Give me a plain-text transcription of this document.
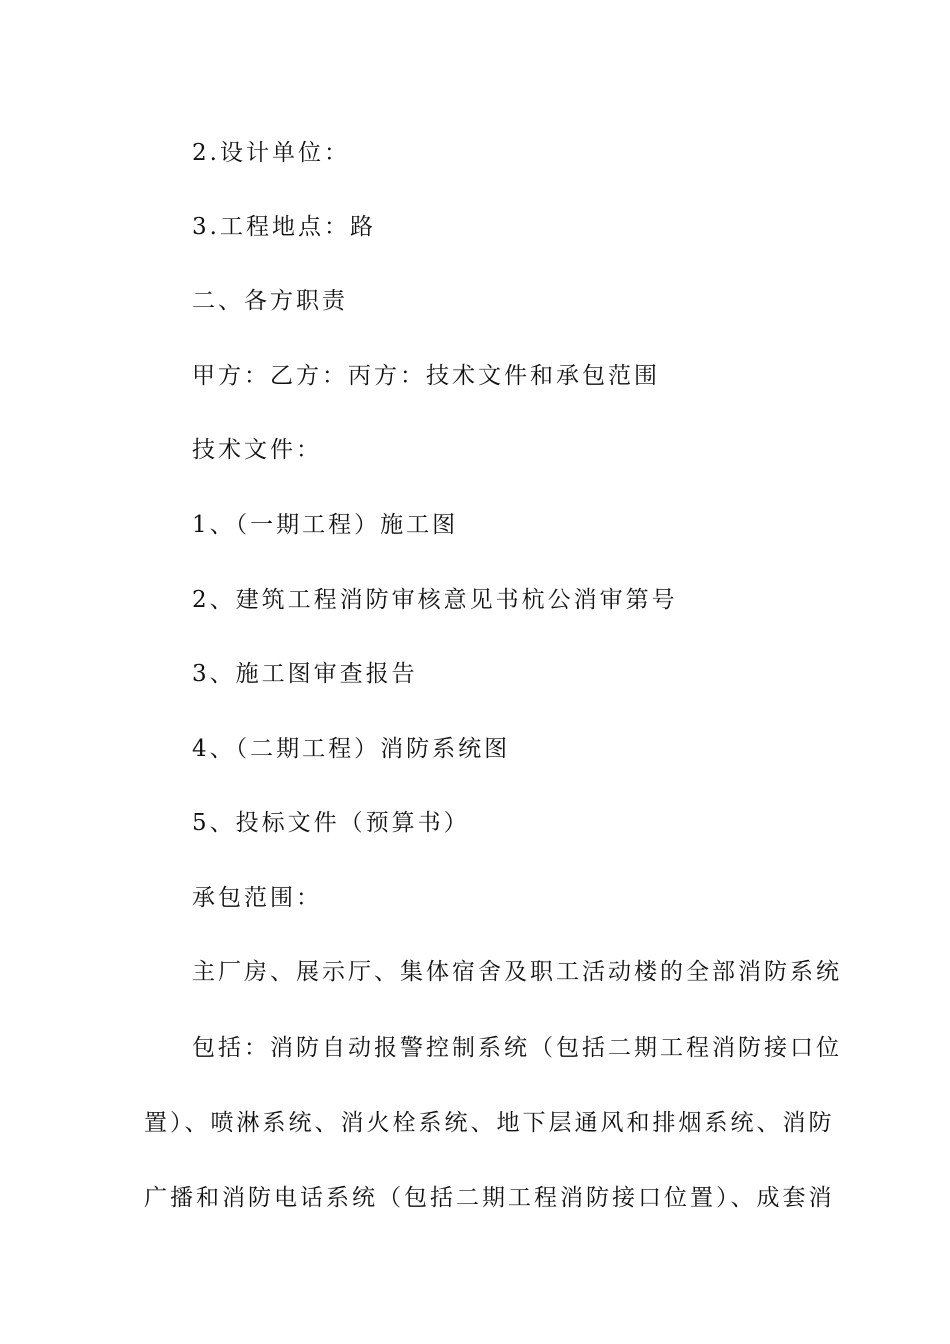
2.设计单位：
3.工程地点：路
二、各方职责
甲方：乙方：丙方：技术文件和承包范围
技术文件：
1、（一期工程）施工图
2、建筑工程消防审核意见书杭公消审第号
3、施工图审查报告
4、（二期工程）消防系统图
5、投标文件（预算书）
承包范围：
主厂房、展示厅、集体宿舍及职工活动楼的全部消防系统
包括：消防自动报警控制系统（包括二期工程消防接口位
置）、喷淋系统、消火栓系统、地下层通风和排烟系统、消防
广播和消防电话系统（包括二期工程消防接口位置）、成套消
